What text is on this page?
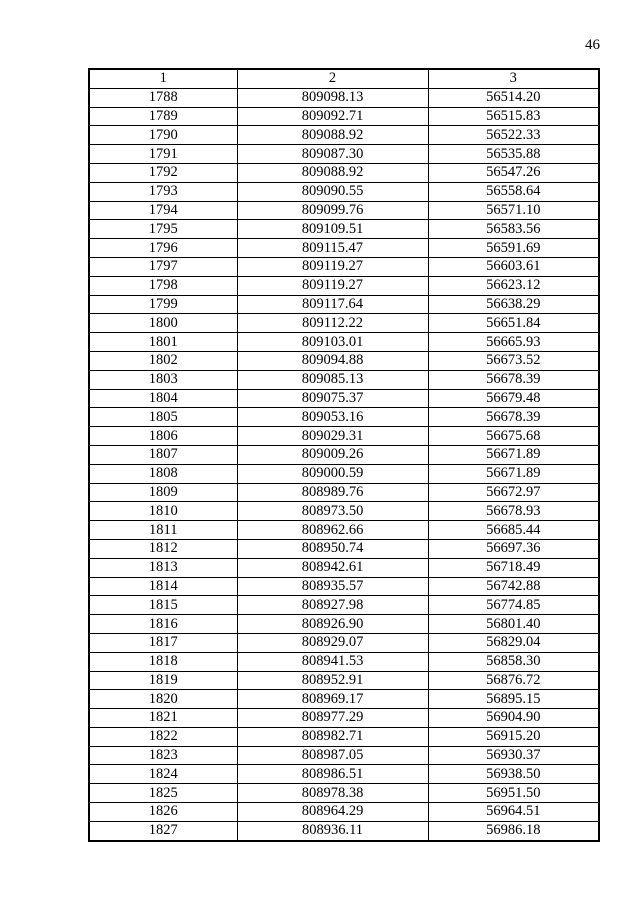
46
1	2	3
1788	809098.13	56514.20
1789	809092.71	56515.83
1790	809088.92	56522.33
1791	809087.30	56535.88
1792	809088.92	56547.26
1793	809090.55	56558.64
1794	809099.76	56571.10
1795	809109.51	56583.56
1796	809115.47	56591.69
1797	809119.27	56603.61
1798	809119.27	56623.12
1799	809117.64	56638.29
1800	809112.22	56651.84
1801	809103.01	56665.93
1802	809094.88	56673.52
1803	809085.13	56678.39
1804	809075.37	56679.48
1805	809053.16	56678.39
1806	809029.31	56675.68
1807	809009.26	56671.89
1808	809000.59	56671.89
1809	808989.76	56672.97
1810	808973.50	56678.93
1811	808962.66	56685.44
1812	808950.74	56697.36
1813	808942.61	56718.49
1814	808935.57	56742.88
1815	808927.98	56774.85
1816	808926.90	56801.40
1817	808929.07	56829.04
1818	808941.53	56858.30
1819	808952.91	56876.72
1820	808969.17	56895.15
1821	808977.29	56904.90
1822	808982.71	56915.20
1823	808987.05	56930.37
1824	808986.51	56938.50
1825	808978.38	56951.50
1826	808964.29	56964.51
1827	808936.11	56986.18
